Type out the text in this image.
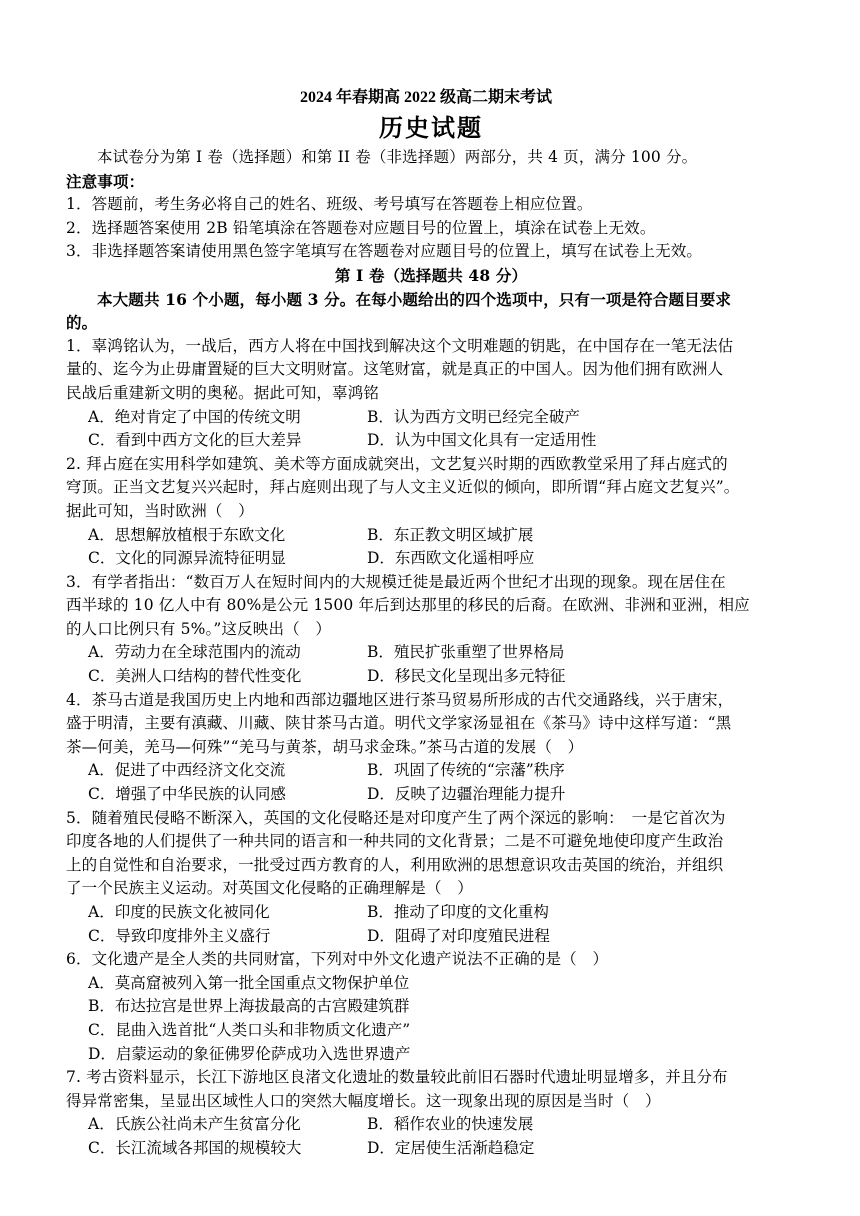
2024 年春期高 2022 级高二期末考试
历史试题
本试卷分为第 I 卷（选择题）和第 II 卷（非选择题）两部分，共 4 页，满分 100 分。
注意事项：
1．答题前，考生务必将自己的姓名、班级、考号填写在答题卷上相应位置。
2．选择题答案使用 2B 铅笔填涂在答题卷对应题目号的位置上，填涂在试卷上无效。
3．非选择题答案请使用黑色签字笔填写在答题卷对应题目号的位置上，填写在试卷上无效。
第 I 卷（选择题共 48 分）
本大题共 16 个小题，每小题 3 分。在每小题给出的四个选项中，只有一项是符合题目要求
的。
1．辜鸿铭认为，一战后，西方人将在中国找到解决这个文明难题的钥匙，在中国存在一笔无法估
量的、迄今为止毋庸置疑的巨大文明财富。这笔财富，就是真正的中国人。因为他们拥有欧洲人
民战后重建新文明的奥秘。据此可知，辜鸿铭
A．绝对肯定了中国的传统文明	B．认为西方文明已经完全破产
C．看到中西方文化的巨大差异	D．认为中国文化具有一定适用性
2. 拜占庭在实用科学如建筑、美术等方面成就突出，文艺复兴时期的西欧教堂采用了拜占庭式的
穹顶。正当文艺复兴兴起时，拜占庭则出现了与人文主义近似的倾向，即所谓“拜占庭文艺复兴”。
据此可知，当时欧洲（　）
A．思想解放植根于东欧文化	B．东正教文明区域扩展
C．文化的同源异流特征明显	D．东西欧文化遥相呼应
3．有学者指出：“数百万人在短时间内的大规模迁徙是最近两个世纪才出现的现象。现在居住在
西半球的 10 亿人中有 80%是公元 1500 年后到达那里的移民的后裔。在欧洲、非洲和亚洲，相应
的人口比例只有 5%。”这反映出（　）
A．劳动力在全球范围内的流动	B．殖民扩张重塑了世界格局
C．美洲人口结构的替代性变化	D．移民文化呈现出多元特征
4．茶马古道是我国历史上内地和西部边疆地区进行茶马贸易所形成的古代交通路线，兴于唐宋，
盛于明清，主要有滇藏、川藏、陕甘茶马古道。明代文学家汤显祖在《茶马》诗中这样写道：“黑
茶—何美，羌马—何殊”“羌马与黄茶，胡马求金珠。”茶马古道的发展（　）
A．促进了中西经济文化交流	B．巩固了传统的“宗藩”秩序
C．增强了中华民族的认同感	D．反映了边疆治理能力提升
5．随着殖民侵略不断深入，英国的文化侵略还是对印度产生了两个深远的影响：　一是它首次为
印度各地的人们提供了一种共同的语言和一种共同的文化背景；二是不可避免地使印度产生政治
上的自觉性和自治要求，一批受过西方教育的人，利用欧洲的思想意识攻击英国的统治，并组织
了一个民族主义运动。对英国文化侵略的正确理解是（　）
A．印度的民族文化被同化	B．推动了印度的文化重构
C．导致印度排外主义盛行	D．阻碍了对印度殖民进程
6．文化遗产是全人类的共同财富，下列对中外文化遗产说法不正确的是（　）
A．莫高窟被列入第一批全国重点文物保护单位
B．布达拉宫是世界上海拔最高的古宫殿建筑群
C．昆曲入选首批“人类口头和非物质文化遗产”
D．启蒙运动的象征佛罗伦萨成功入选世界遗产
7. 考古资料显示，长江下游地区良渚文化遗址的数量较此前旧石器时代遗址明显增多，并且分布
得异常密集，呈显出区域性人口的突然大幅度增长。这一现象出现的原因是当时（　）
A．氏族公社尚未产生贫富分化	B．稻作农业的快速发展
C．长江流域各邦国的规模较大	D．定居使生活渐趋稳定
